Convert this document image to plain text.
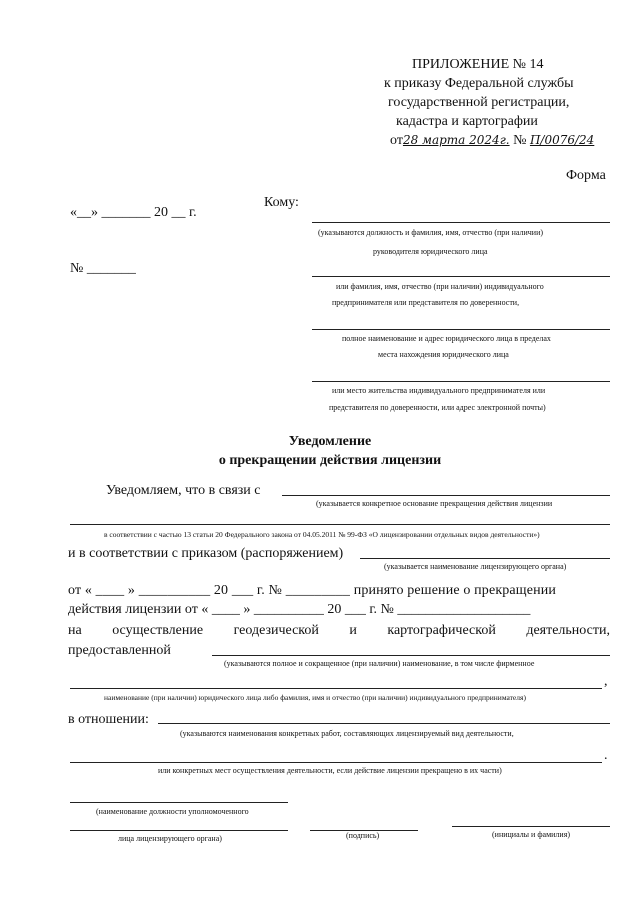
ПРИЛОЖЕНИЕ № 14
к приказу Федеральной службы
государственной регистрации,
кадастра и картографии
от28 марта 2024г. № П/0076/24
Форма
«__» _______ 20 __ г.
№ _______
Кому:
(указываются должность и фамилия, имя, отчество (при наличии)
руководителя юридического лица
или фамилия, имя, отчество (при наличии) индивидуального
предпринимателя или представителя по доверенности,
полное наименование и адрес юридического лица в пределах
места нахождения юридического лица
или место жительства индивидуального предпринимателя или
представителя по доверенности, или адрес электронной почты)
Уведомление
о прекращении действия лицензии
Уведомляем, что в связи с
(указывается конкретное основание прекращения действия лицензии
в соответствии с частью 13 статьи 20 Федерального закона от 04.05.2011 № 99-ФЗ «О лицензировании отдельных видов деятельности»)
и в соответствии с приказом (распоряжением)
(указывается наименование лицензирующего органа)
от « ____ » __________ 20 ___ г. № _________ принято решение о прекращении
действия лицензии от « ____ » __________ 20 ___ г. № ___________________
на осуществление геодезической и картографической деятельности,
предоставленной
(указываются полное и сокращенное (при наличии) наименование, в том числе фирменное
,
наименование (при наличии) юридического лица либо фамилия, имя и отчество (при наличии) индивидуального предпринимателя)
в отношении:
(указываются наименования конкретных работ, составляющих лицензируемый вид деятельности,
.
или конкретных мест осуществления деятельности, если действие лицензии прекращено в их части)
(наименование должности уполномоченного
лица лицензирующего органа)	(подпись)	(инициалы и фамилия)
